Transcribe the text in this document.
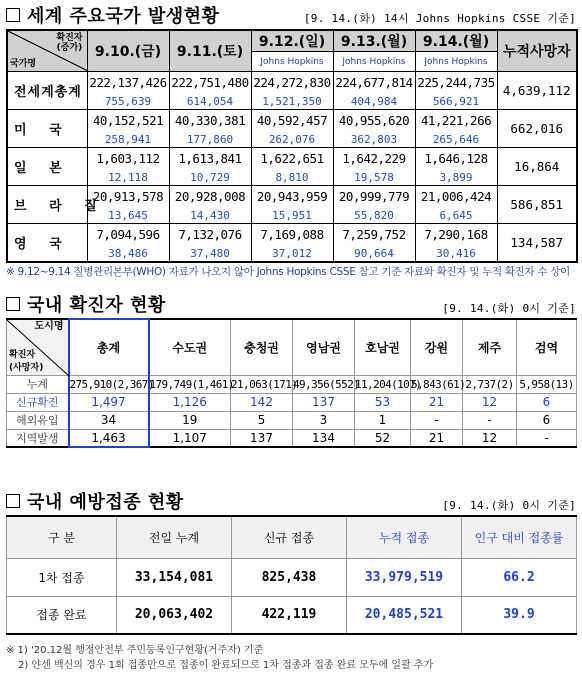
세계 주요국가 발생현황	[9. 14.(화) 14시 Johns Hopkins CSSE 기준]
확진자
(증가)
국가명	9.10.(금)	9.11.(토)	9.12.(일)	9.13.(월)	9.14.(월)	누적사망자
			Johns Hopkins	Johns Hopkins	Johns Hopkins	
전세계총계	222,137,426	222,751,480	224,272,830	224,677,814	225,244,735	4,639,112
	755,639	614,054	1,521,350	404,984	566,921	
미 국	40,152,521	40,330,381	40,592,457	40,955,620	41,221,266	662,016
	258,941	177,860	262,076	362,803	265,646	
일 본	1,603,112	1,613,841	1,622,651	1,642,229	1,646,128	16,864
	12,118	10,729	8,810	19,578	3,899	
브 라 질	20,913,578	20,928,008	20,943,959	20,999,779	21,006,424	586,851
	13,645	14,430	15,951	55,820	6,645	
영 국	7,094,596	7,132,076	7,169,088	7,259,752	7,290,168	134,587
	38,486	37,480	37,012	90,664	30,416	
※ 9.12~9.14 질병관리본부(WHO) 자료가 나오지 않아 Johns Hopkins CSSE 참고 기준 자료와 확진자 및 누적 확진자 수 상이
국내 확진자 현황	[9. 14.(화) 0시 기준]
도시명
확진자
(사망자)	총계	수도권	충청권	영남권	호남권	강원	제주	검역
누계	275,910(2,367)	179,749(1,461)	21,063(171)	49,356(552)	11,204(107)	5,843(61)	2,737(2)	5,958(13)
신규확진	1,497	1,126	142	137	53	21	12	6
해외유입	34	19	5	3	1	-	-	6
지역발생	1,463	1,107	137	134	52	21	12	-
국내 예방접종 현황	[9. 14.(화) 0시 기준]
구 분	전일 누계	신규 접종	누적 접종	인구 대비 접종률
1차 접종	33,154,081	825,438	33,979,519	66.2
접종 완료	20,063,402	422,119	20,485,521	39.9
※ 1) '20.12월 행정안전부 주민등록인구현황(거주자) 기준
2) 얀센 백신의 경우 1회 접종만으로 접종이 완료되므로 1차 접종과 접종 완료 모두에 일괄 추가
